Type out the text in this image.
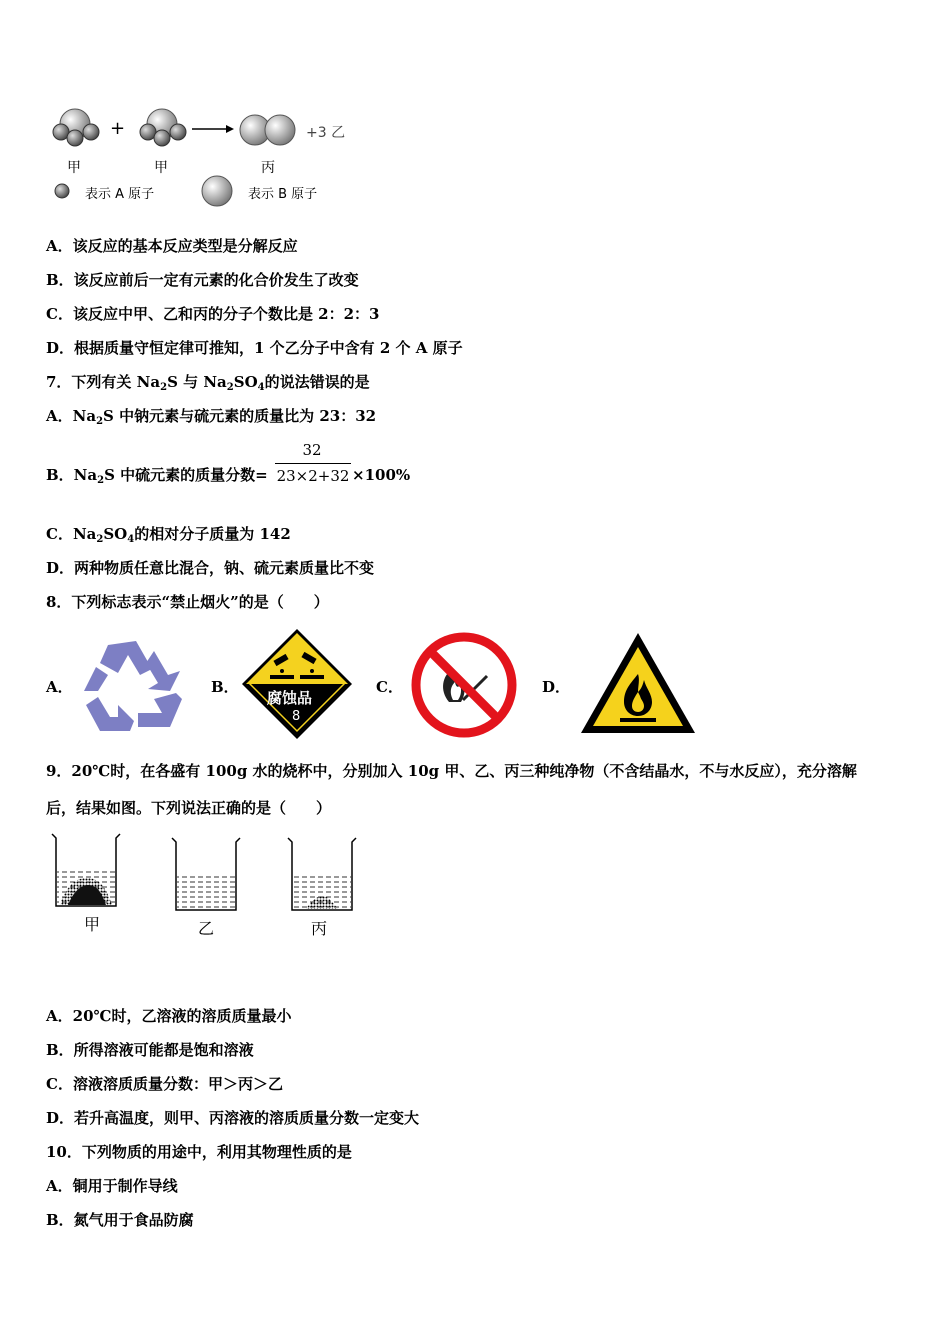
+
甲	甲	丙
+3 乙
表示 A 原子	表示 B 原子
A．该反应的基本反应类型是分解反应
B．该反应前后一定有元素的化合价发生了改变
C．该反应中甲、乙和丙的分子个数比是 2：2：3
D．根据质量守恒定律可推知，1 个乙分子中含有 2 个 A 原子
7．下列有关 $Na_2S$ 与 $Na_2SO_4$的说法错误的是
A．$Na_2S$ 中钠元素与硫元素的质量比为 23：32
B．$Na_2S$ 中硫元素的质量分数=
32
23×2+32 ×100%
C．$Na_2SO_4$的相对分子质量为 142
D．两种物质任意比混合，钠、硫元素质量比不变
8．下列标志表示“禁止烟火”的是（　　）
A．	B．
腐蚀品
8
C．	D．
9．20℃时，在各盛有 100g 水的烧杯中，分别加入 10g 甲、乙、丙三种纯净物（不含结晶水，不与水反应），充分溶解
后，结果如图。下列说法正确的是（　　）
甲	乙	丙
A．20℃时，乙溶液的溶质质量最小
B．所得溶液可能都是饱和溶液
C．溶液溶质质量分数：甲＞丙＞乙
D．若升高温度，则甲、丙溶液的溶质质量分数一定变大
10．下列物质的用途中，利用其物理性质的是
A．铜用于制作导线
B．氮气用于食品防腐
